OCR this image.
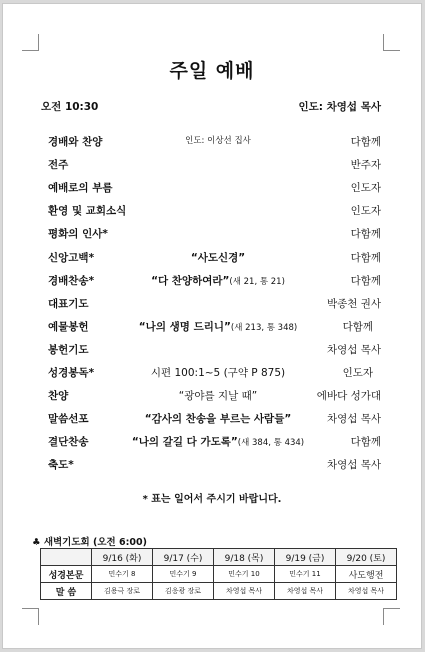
주일 예배
오전 10:30	인도: 차영섭 목사
경배와 찬양	인도: 이상선 집사	다함께
전주	반주자
예배로의 부름	인도자
환영 및 교회소식	인도자
평화의 인사*	다함께
신앙고백*	“사도신경”	다함께
경배찬송*	“다 찬양하여라”(새 21, 통 21)	다함께
대표기도	박종천 권사
예물봉헌	“나의 생명 드리니”(새 213, 통 348)	다함께
봉헌기도	차영섭 목사
성경봉독*	시편 100:1~5 (구약 P 875)	인도자
찬양	“광야를 지날 때”	에바다 성가대
말씀선포	“감사의 찬송을 부르는 사람들”	차영섭 목사
결단찬송	“나의 갈길 다 가도록”(새 384, 통 434)	다함께
축도*	차영섭 목사
* 표는 일어서 주시기 바랍니다.
♣ 새벽기도회 (오전 6:00)
	9/16 (화)	9/17 (수)	9/18 (목)	9/19 (금)	9/20 (토)
성경본문	민수기 8	민수기 9	민수기 10	민수기 11	사도행전
말 씀	김용극 장로	김응광 장로	차영섭 목사	차영섭 목사	차영섭 목사
